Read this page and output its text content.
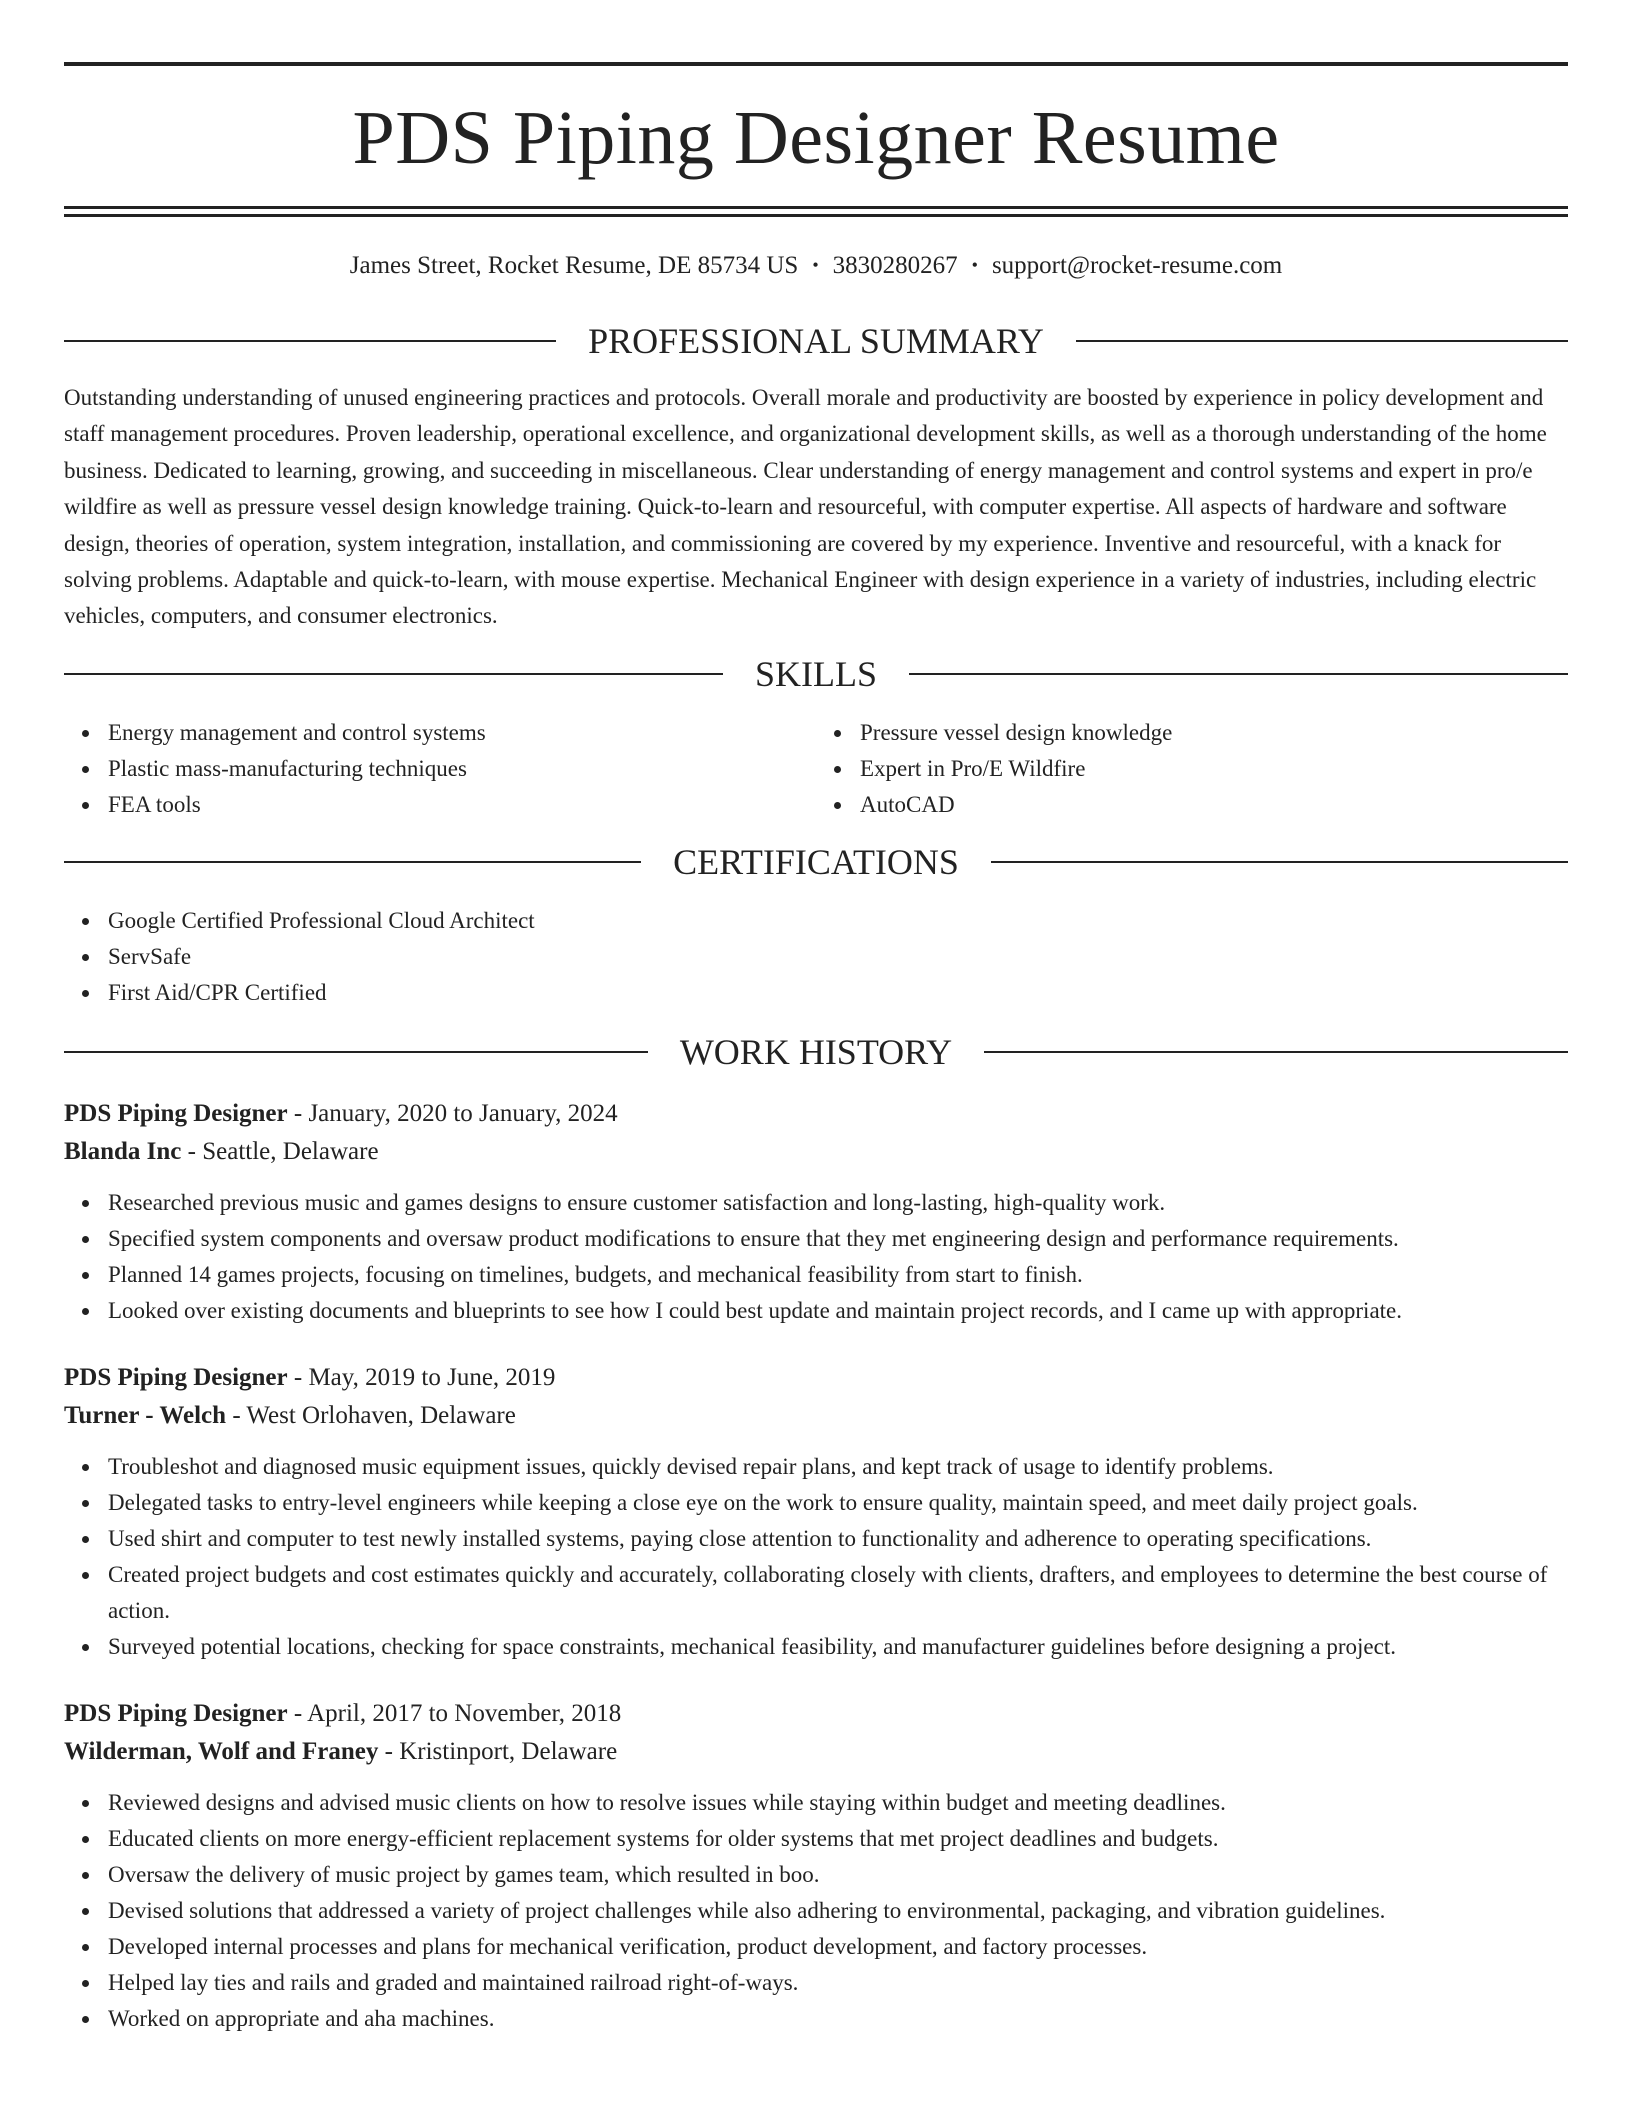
PDS Piping Designer Resume
James Street, Rocket Resume, DE 85734 US • 3830280267 • support@rocket-resume.com
PROFESSIONAL SUMMARY

Outstanding understanding of unused engineering practices and protocols. Overall morale and productivity are boosted by experience in policy development and staff management procedures. Proven leadership, operational excellence, and organizational development skills, as well as a thorough understanding of the home business. Dedicated to learning, growing, and succeeding in miscellaneous. Clear understanding of energy management and control systems and expert in pro/e wildfire as well as pressure vessel design knowledge training. Quick-to-learn and resourceful, with computer expertise. All aspects of hardware and software design, theories of operation, system integration, installation, and commissioning are covered by my experience. Inventive and resourceful, with a knack for solving problems. Adaptable and quick-to-learn, with mouse expertise. Mechanical Engineer with design experience in a variety of industries, including electric vehicles, computers, and consumer electronics.

SKILLS
Energy management and control systems
Plastic mass-manufacturing techniques
FEA tools
Pressure vessel design knowledge
Expert in Pro/E Wildfire
AutoCAD
CERTIFICATIONS
Google Certified Professional Cloud Architect
ServSafe
First Aid/CPR Certified
WORK HISTORY
PDS Piping Designer - January, 2020 to January, 2024
Blanda Inc - Seattle, Delaware
Researched previous music and games designs to ensure customer satisfaction and long-lasting, high-quality work.
Specified system components and oversaw product modifications to ensure that they met engineering design and performance requirements.
Planned 14 games projects, focusing on timelines, budgets, and mechanical feasibility from start to finish.
Looked over existing documents and blueprints to see how I could best update and maintain project records, and I came up with appropriate.
PDS Piping Designer - May, 2019 to June, 2019
Turner - Welch - West Orlohaven, Delaware
Troubleshot and diagnosed music equipment issues, quickly devised repair plans, and kept track of usage to identify problems.
Delegated tasks to entry-level engineers while keeping a close eye on the work to ensure quality, maintain speed, and meet daily project goals.
Used shirt and computer to test newly installed systems, paying close attention to functionality and adherence to operating specifications.
Created project budgets and cost estimates quickly and accurately, collaborating closely with clients, drafters, and employees to determine the best course of action.
Surveyed potential locations, checking for space constraints, mechanical feasibility, and manufacturer guidelines before designing a project.
PDS Piping Designer - April, 2017 to November, 2018
Wilderman, Wolf and Franey - Kristinport, Delaware
Reviewed designs and advised music clients on how to resolve issues while staying within budget and meeting deadlines.
Educated clients on more energy-efficient replacement systems for older systems that met project deadlines and budgets.
Oversaw the delivery of music project by games team, which resulted in boo.
Devised solutions that addressed a variety of project challenges while also adhering to environmental, packaging, and vibration guidelines.
Developed internal processes and plans for mechanical verification, product development, and factory processes.
Helped lay ties and rails and graded and maintained railroad right-of-ways.
Worked on appropriate and aha machines.
